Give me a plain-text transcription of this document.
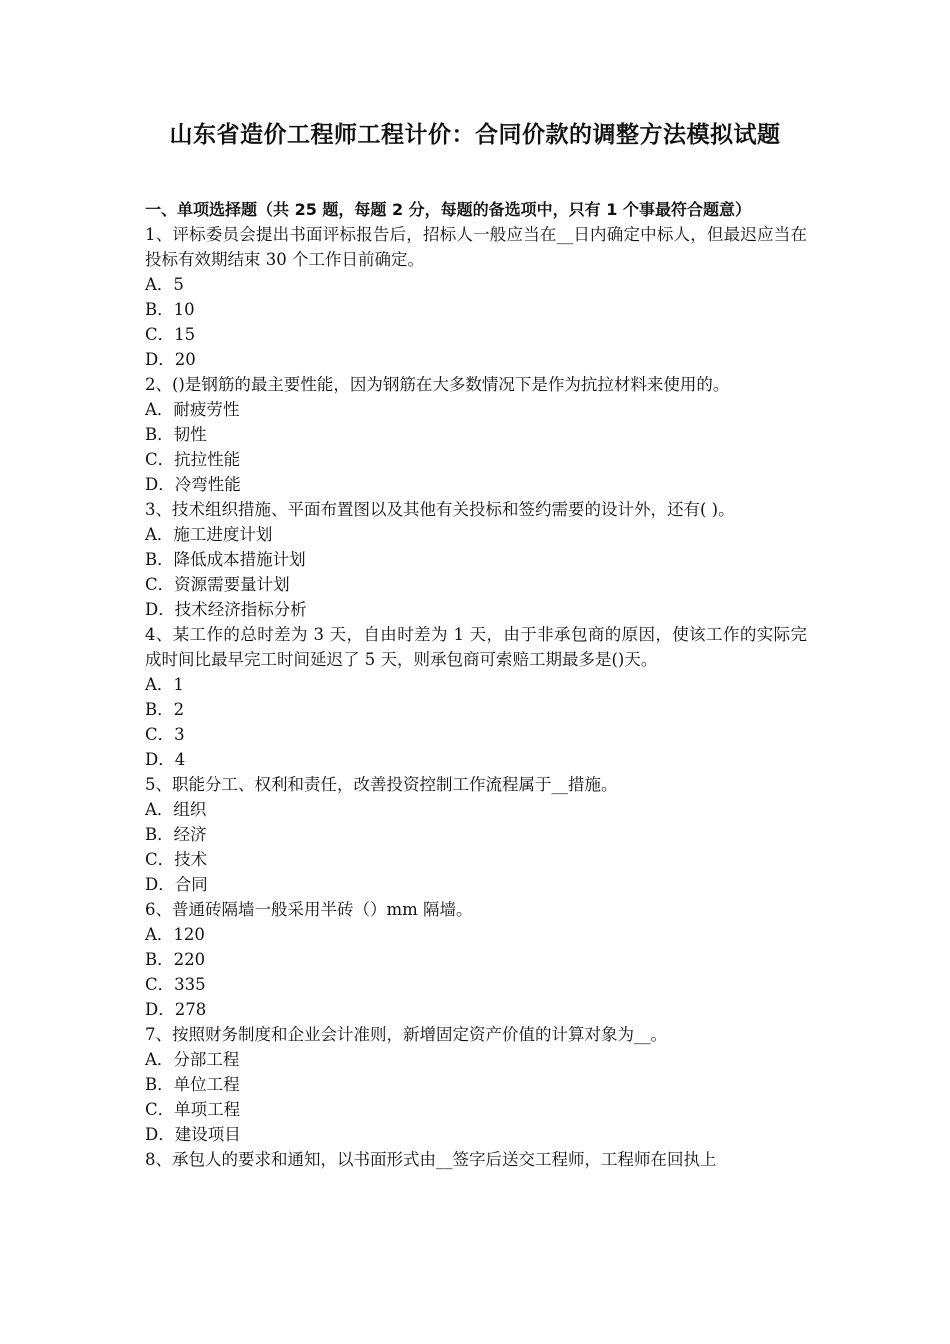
山东省造价工程师工程计价：合同价款的调整方法模拟试题

一、单项选择题（共 25 题，每题 2 分，每题的备选项中，只有 1 个事最符合题意）

1、评标委员会提出书面评标报告后，招标人一般应当在__日内确定中标人，但最迟应当在投标有效期结束 30 个工作日前确定。

A．5

B．10

C．15

D．20

2、()是钢筋的最主要性能，因为钢筋在大多数情况下是作为抗拉材料来使用的。

A．耐疲劳性

B．韧性

C．抗拉性能

D．冷弯性能

3、技术组织措施、平面布置图以及其他有关投标和签约需要的设计外，还有( )。

A．施工进度计划

B．降低成本措施计划

C．资源需要量计划

D．技术经济指标分析

4、某工作的总时差为 3 天，自由时差为 1 天，由于非承包商的原因，使该工作的实际完成时间比最早完工时间延迟了 5 天，则承包商可索赔工期最多是()天。

A．1

B．2

C．3

D．4

5、职能分工、权利和责任，改善投资控制工作流程属于__措施。

A．组织

B．经济

C．技术

D．合同

6、普通砖隔墙一般采用半砖（）mm 隔墙。

A．120

B．220

C．335

D．278

7、按照财务制度和企业会计准则，新增固定资产价值的计算对象为__。

A．分部工程

B．单位工程

C．单项工程

D．建设项目

8、承包人的要求和通知，以书面形式由__签字后送交工程师，工程师在回执上
